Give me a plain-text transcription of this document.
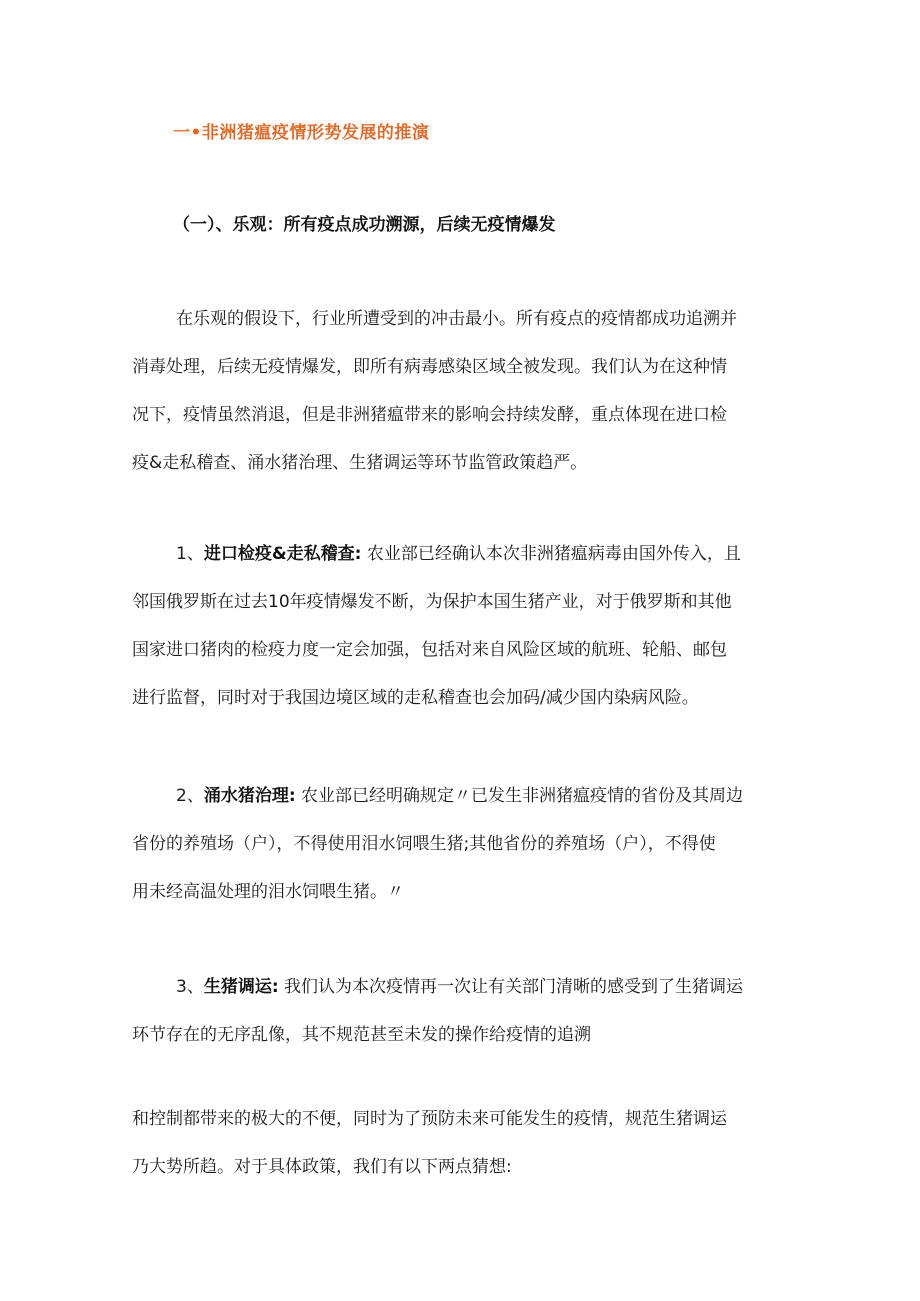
一•非洲猪瘟疫情形势发展的推演
（一）、乐观：所有疫点成功溯源，后续无疫情爆发
在乐观的假设下，行业所遭受到的冲击最小。所有疫点的疫情都成功追溯并
消毒处理，后续无疫情爆发，即所有病毒感染区域全被发现。我们认为在这种情
况下，疫情虽然消退，但是非洲猪瘟带来的影响会持续发酵，重点体现在进口检
疫&走私稽查、涌水猪治理、生猪调运等环节监管政策趋严。
1、进口检疫&走私稽查: 农业部已经确认本次非洲猪瘟病毒由国外传入，且
邻国俄罗斯在过去10年疫情爆发不断，为保护本国生猪产业，对于俄罗斯和其他
国家进口猪肉的检疫力度一定会加强，包括对来自风险区域的航班、轮船、邮包
进行监督，同时对于我国边境区域的走私稽查也会加码/减少国内染病风险。
2、涌水猪治理: 农业部已经明确规定〃已发生非洲猪瘟疫情的省份及其周边
省份的养殖场（户），不得使用泪水饲喂生猪;其他省份的养殖场（户），不得使
用未经高温处理的泪水饲喂生猪。〃
3、生猪调运: 我们认为本次疫情再一次让有关部门清晰的感受到了生猪调运
环节存在的无序乱像，其不规范甚至未发的操作给疫情的追溯
和控制都带来的极大的不便，同时为了预防未来可能发生的疫情，规范生猪调运
乃大势所趋。对于具体政策，我们有以下两点猜想:
